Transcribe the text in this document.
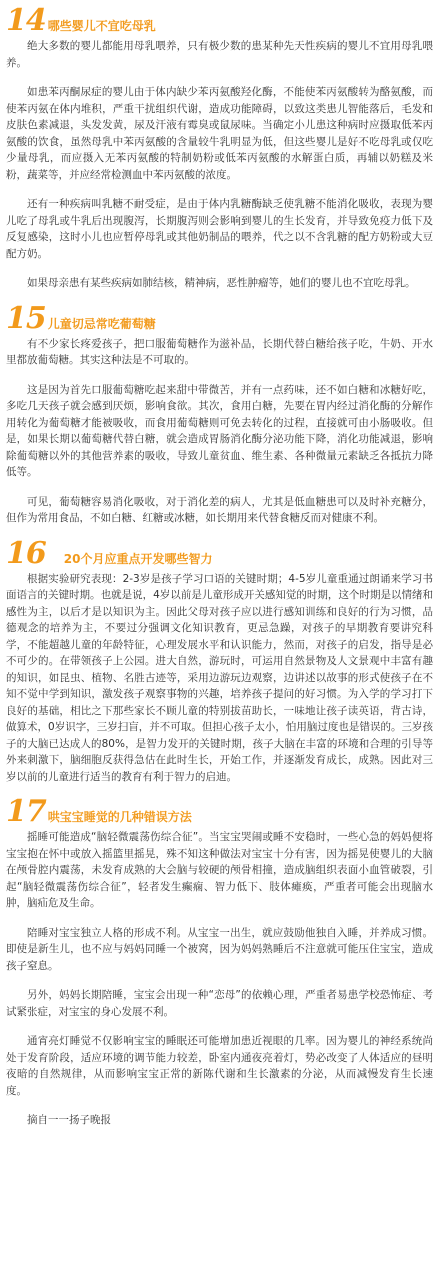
14 哪些婴儿不宜吃母乳

绝大多数的婴儿都能用母乳喂养，只有极少数的患某种先天性疾病的婴儿不宜用母乳喂养。

如患苯丙酮尿症的婴儿由于体内缺少苯丙氨酸羟化酶，不能使苯丙氨酸转为酪氨酸，而使苯丙氨在体内堆积，严重干扰组织代谢，造成功能障碍，以致这类患儿智能落后，毛发和皮肤色素减退，头发发黄，尿及汗液有霉臭或鼠尿味。当确定小儿患这种病时应摄取低苯丙氨酸的饮食，虽然母乳中苯丙氨酸的含量较牛乳明显为低，但这些婴儿是好不吃母乳或仅吃少量母乳，而应摄入无苯丙氨酸的特制奶粉或低苯丙氨酸的水解蛋白质，再辅以奶糕及米粉，蔬菜等，并应经常检测血中苯丙氨酸的浓度。

还有一种疾病叫乳糖不耐受症，是由于体内乳糖酶缺乏使乳糖不能消化吸收，表现为婴儿吃了母乳或牛乳后出现腹泻，长期腹泻则会影响到婴儿的生长发育，并导致免疫力低下及反复感染，这时小儿也应暂停母乳或其他奶制品的喂养，代之以不含乳糖的配方奶粉或大豆配方奶。

如果母亲患有某些疾病如肺结核，精神病，恶性肿瘤等，她们的婴儿也不宜吃母乳。

15 儿童切忌常吃葡萄糖

有不少家长疼爱孩子，把口服葡萄糖作为滋补品，长期代替白糖给孩子吃，牛奶、开水里都放葡萄糖。其实这种法是不可取的。

这是因为首先口服葡萄糖吃起来甜中带微苦，并有一点药味，还不如白糖和冰糖好吃，多吃几天孩子就会感到厌烦，影响食欲。其次，食用白糖，先要在胃内经过消化酶的分解作用转化为葡萄糖才能被吸收，而食用葡萄糖则可免去转化的过程，直接就可由小肠吸收。但是，如果长期以葡萄糖代替白糖，就会造成胃肠消化酶分泌功能下降，消化功能减退，影响除葡萄糖以外的其他营养素的吸收，导致儿童贫血、维生素、各种微量元素缺乏各抵抗力降低等。

可见，葡萄糖容易消化吸收，对于消化差的病人，尤其是低血糖患可以及时补充糖分，但作为常用食品，不如白糖、红糖或冰糖，如长期用来代替食糖反而对健康不利。

16 20个月应重点开发哪些智力

根据实验研究表现：2-3岁是孩子学习口语的关键时期；4-5岁儿童重通过朗诵来学习书面语言的关键时期。也就是说，4岁以前是儿童形成开关感知觉的时期，这个时期是以情绪和感性为主，以后才是以知识为主。因此父母对孩子应以进行感知训练和良好的行为习惯，品德观念的培养为主，不要过分强调文化知识教育，更忌急躁，对孩子的早期教育要讲究科学，不能超越儿童的年龄特征，心理发展水平和认识能力，然而，对孩子的启发，指导是必不可少的。在带领孩子上公园。进大自然，游玩时，可运用自然景物及人文景观中丰富有趣的知识，如昆虫、植物、名胜古迹等，采用边游玩边观察，边讲述以故事的形式使孩子在不知不觉中学到知识，激发孩子观察事物的兴趣，培养孩子提问的好习惯。为入学的学习打下良好的基础，相比之下那些家长不顾儿童的特别拔苗助长，一味地让孩子读英语，背古诗，做算术，0岁识字，三岁扫盲，并不可取。但担心孩子太小，怕用脑过度也是错误的。三岁孩子的大脑已达成人的80%，是智力发开的关键时期，孩子大脑在丰富的环境和合理的引导等外来刺激下，脑细胞反获得急估在此时生长，开始工作，并逐渐发育成长，成熟。因此对三岁以前的儿童进行适当的教育有利于智力的启迪。

17 哄宝宝睡觉的几种错误方法

摇睡可能造成“脑轻微震荡伤综合征”。当宝宝哭闹或睡不安稳时，一些心急的妈妈便将宝宝抱在怀中或放入摇篮里摇晃，殊不知这种做法对宝宝十分有害，因为摇晃使婴儿的大脑在颅骨腔内震荡，未发育成熟的大会脑与较硬的颅骨相撞，造成脑组织表面小血管破裂，引起“脑轻微震荡伤综合征”，轻者发生癫痫、智力低下、肢体瘫痪，严重者可能会出现脑水肿，脑疝危及生命。

陪睡对宝宝独立人格的形成不利。从宝宝一出生，就应鼓励他独自入睡，并养成习惯。即使是新生儿，也不应与妈妈同睡一个被窝，因为妈妈熟睡后不注意就可能压住宝宝，造成孩子窒息。

另外，妈妈长期陪睡，宝宝会出现一种“恋母”的依赖心理，严重者易患学校恐怖症、考试紧张症，对宝宝的身心发展不利。

通宵亮灯睡觉不仅影响宝宝的睡眠还可能增加患近视眼的几率。因为婴儿的神经系统尚处于发育阶段，适应环境的调节能力较差，卧室内通夜亮着灯，势必改变了人体适应的昼明夜暗的自然规律，从而影响宝宝正常的新陈代谢和生长激素的分泌，从而减慢发育生长速度。

摘自一一扬子晚报
